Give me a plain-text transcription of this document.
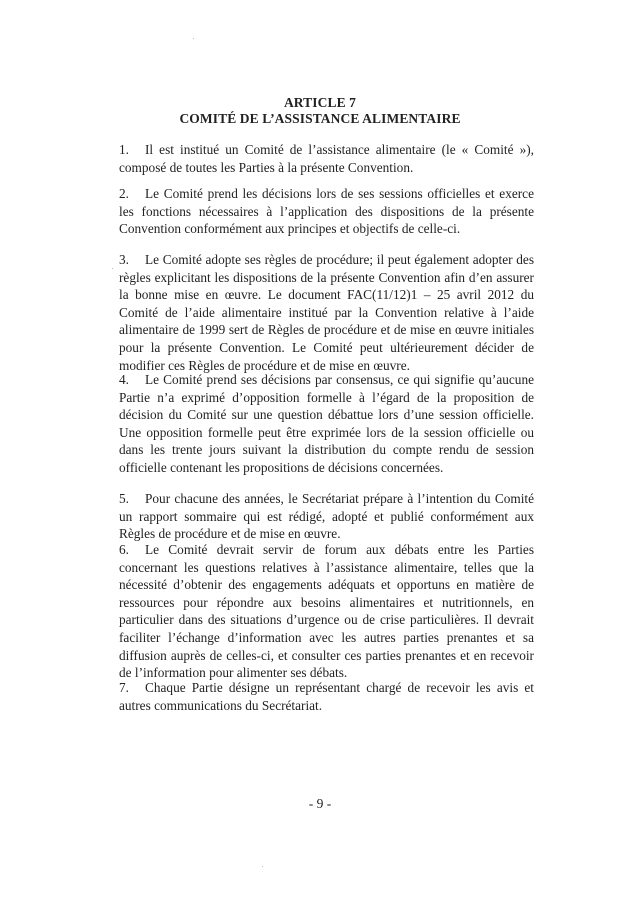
ARTICLE 7
COMITÉ DE L’ASSISTANCE ALIMENTAIRE
1. Il est institué un Comité de l’assistance alimentaire (le « Comité »), composé de toutes les Parties à la présente Convention.
2. Le Comité prend les décisions lors de ses sessions officielles et exerce les fonctions nécessaires à l’application des dispositions de la présente Convention conformément aux principes et objectifs de celle-ci.
3. Le Comité adopte ses règles de procédure; il peut également adopter des règles explicitant les dispositions de la présente Convention afin d’en assurer la bonne mise en œuvre. Le document FAC(11/12)1 – 25 avril 2012 du Comité de l’aide alimentaire institué par la Convention relative à l’aide alimentaire de 1999 sert de Règles de procédure et de mise en œuvre initiales pour la présente Convention. Le Comité peut ultérieurement décider de modifier ces Règles de procédure et de mise en œuvre.
4. Le Comité prend ses décisions par consensus, ce qui signifie qu’aucune Partie n’a exprimé d’opposition formelle à l’égard de la proposition de décision du Comité sur une question débattue lors d’une session officielle. Une opposition formelle peut être exprimée lors de la session officielle ou dans les trente jours suivant la distribution du compte rendu de session officielle contenant les propositions de décisions concernées.
5. Pour chacune des années, le Secrétariat prépare à l’intention du Comité un rapport sommaire qui est rédigé, adopté et publié conformément aux Règles de procédure et de mise en œuvre.
6. Le Comité devrait servir de forum aux débats entre les Parties concernant les questions relatives à l’assistance alimentaire, telles que la nécessité d’obtenir des engagements adéquats et opportuns en matière de ressources pour répondre aux besoins alimentaires et nutritionnels, en particulier dans des situations d’urgence ou de crise particulières. Il devrait faciliter l’échange d’information avec les autres parties prenantes et sa diffusion auprès de celles-ci, et consulter ces parties prenantes et en recevoir de l’information pour alimenter ses débats.
7. Chaque Partie désigne un représentant chargé de recevoir les avis et autres communications du Secrétariat.
- 9 -
